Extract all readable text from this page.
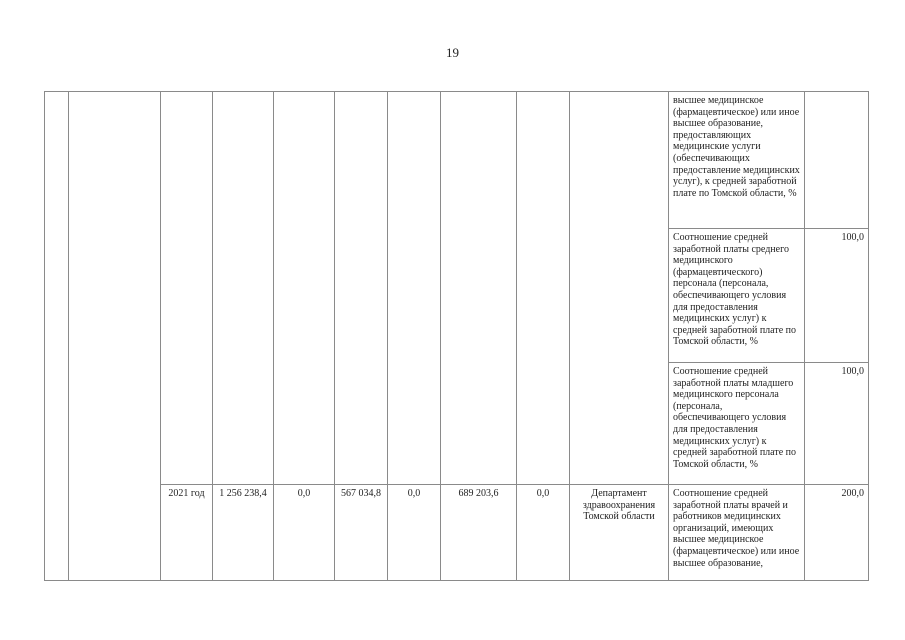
19
										высшее медицинское (фармацевтическое) или иное высшее образование, предоставляющих медицинские услуги (обеспечивающих предоставление медицинских услуг), к средней заработной плате по Томской области, %	
										Соотношение средней заработной платы среднего медицинского (фармацевтического) персонала (персонала, обеспечивающего условия для предоставления медицинских услуг) к средней заработной плате по Томской области, %	100,0
										Соотношение средней заработной платы младшего медицинского персонала (персонала, обеспечивающего условия для предоставления медицинских услуг) к средней заработной плате по Томской области, %	100,0
		2021 год	1 256 238,4	0,0	567 034,8	0,0	689 203,6	0,0	Департамент здравоохранения Томской области	Соотношение средней заработной платы врачей и работников медицинских организаций, имеющих высшее медицинское (фармацевтическое) или иное высшее образование,	200,0
